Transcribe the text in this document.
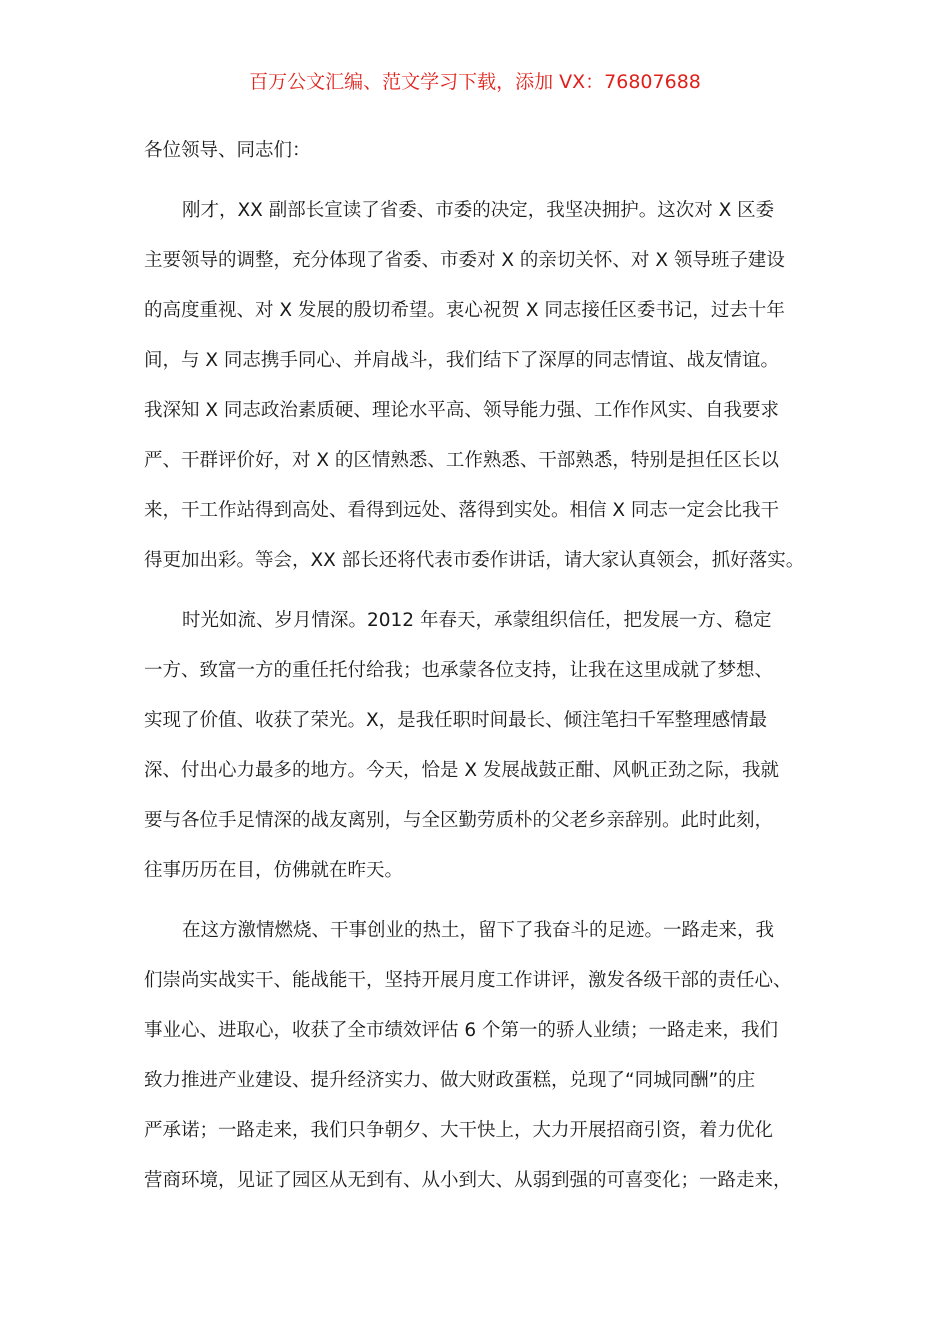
百万公文汇编、范文学习下载，添加 VX：76807688

各位领导、同志们：

刚才，XX 副部长宣读了省委、市委的决定，我坚决拥护。这次对 X 区委
主要领导的调整，充分体现了省委、市委对 X 的亲切关怀、对 X 领导班子建设
的高度重视、对 X 发展的殷切希望。衷心祝贺 X 同志接任区委书记，过去十年
间，与 X 同志携手同心、并肩战斗，我们结下了深厚的同志情谊、战友情谊。
我深知 X 同志政治素质硬、理论水平高、领导能力强、工作作风实、自我要求
严、干群评价好，对 X 的区情熟悉、工作熟悉、干部熟悉，特别是担任区长以
来，干工作站得到高处、看得到远处、落得到实处。相信 X 同志一定会比我干
得更加出彩。等会，XX 部长还将代表市委作讲话，请大家认真领会，抓好落实。
时光如流、岁月情深。2012 年春天，承蒙组织信任，把发展一方、稳定
一方、致富一方的重任托付给我；也承蒙各位支持，让我在这里成就了梦想、
实现了价值、收获了荣光。X，是我任职时间最长、倾注笔扫千军整理感情最
深、付出心力最多的地方。今天，恰是 X 发展战鼓正酣、风帆正劲之际，我就
要与各位手足情深的战友离别，与全区勤劳质朴的父老乡亲辞别。此时此刻，
往事历历在目，仿佛就在昨天。
在这方激情燃烧、干事创业的热土，留下了我奋斗的足迹。一路走来，我
们崇尚实战实干、能战能干，坚持开展月度工作讲评，激发各级干部的责任心、
事业心、进取心，收获了全市绩效评估 6 个第一的骄人业绩；一路走来，我们
致力推进产业建设、提升经济实力、做大财政蛋糕，兑现了“同城同酬”的庄
严承诺；一路走来，我们只争朝夕、大干快上，大力开展招商引资，着力优化
营商环境，见证了园区从无到有、从小到大、从弱到强的可喜变化；一路走来，
